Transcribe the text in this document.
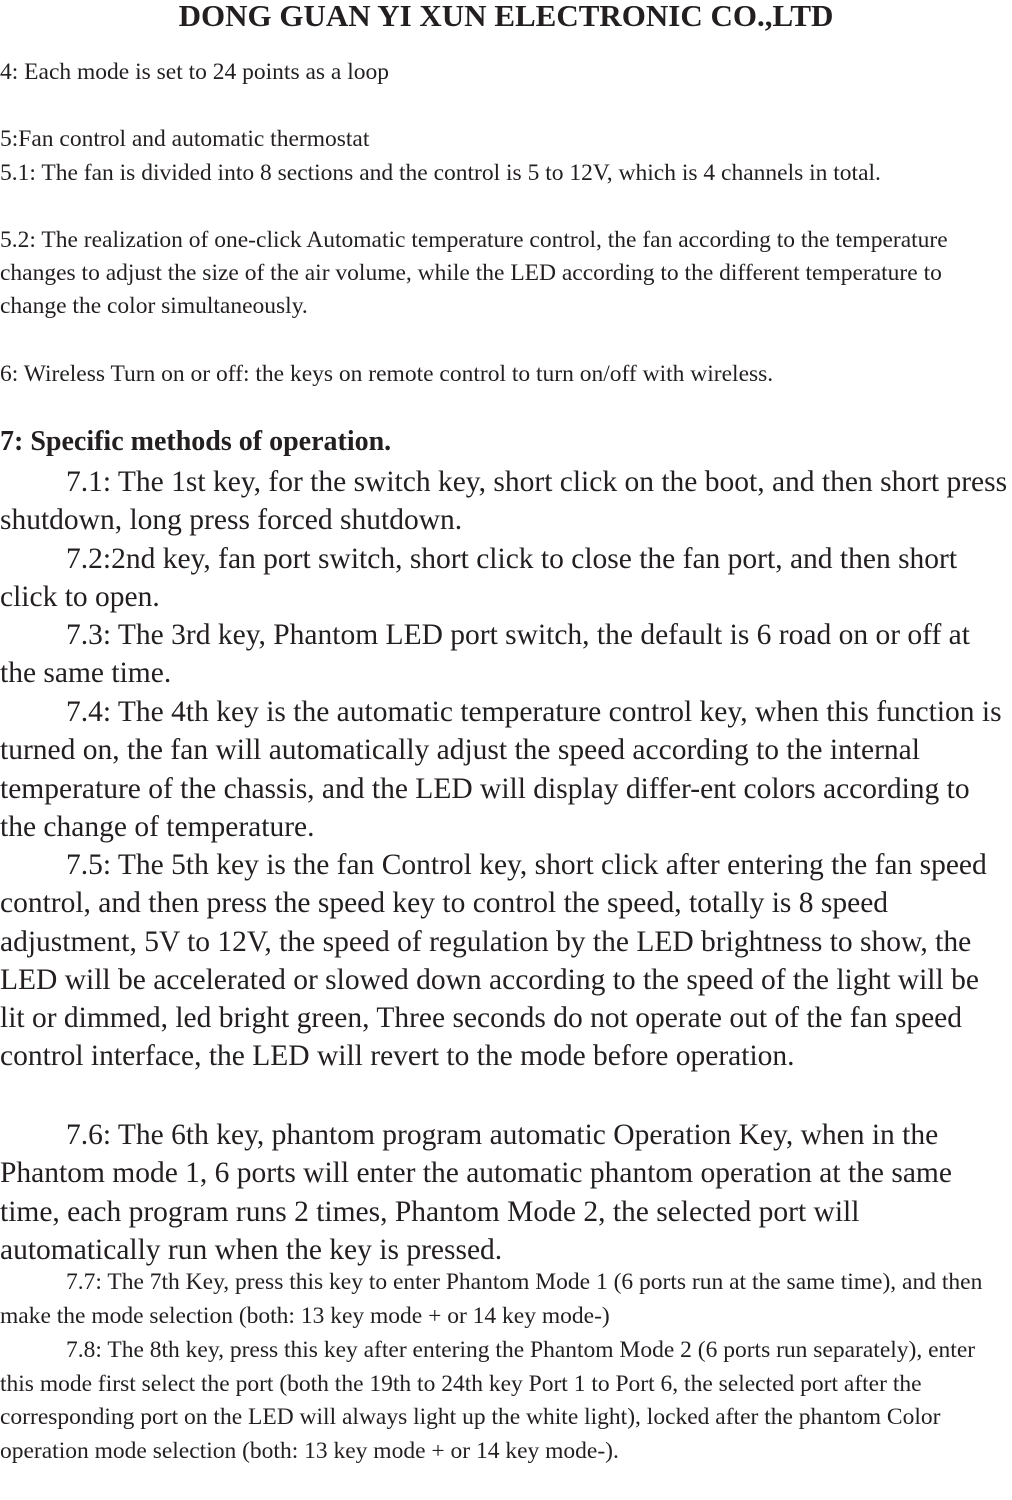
DONG GUAN YI XUN ELECTRONIC CO.,LTD

4: Each mode is set to 24 points as a loop

5:Fan control and automatic thermostat

5.1: The fan is divided into 8 sections and the control is 5 to 12V, which is 4 channels in total.

5.2: The realization of one-click Automatic temperature control, the fan according to the temperature changes to adjust the size of the air volume, while the LED according to the different temperature to change the color simultaneously.

6: Wireless Turn on or off: the keys on remote control to turn on/off with wireless.

7: Specific methods of operation.

7.1: The 1st key, for the switch key, short click on the boot, and then short press shutdown, long press forced shutdown.

7.2:2nd key, fan port switch, short click to close the fan port, and then short click to open.

7.3: The 3rd key, Phantom LED port switch, the default is 6 road on or off at the same time.

7.4: The 4th key is the automatic temperature control key, when this function is turned on, the fan will automatically adjust the speed according to the internal temperature of the chassis, and the LED will display differ-ent colors according to the change of temperature.

7.5: The 5th key is the fan Control key, short click after entering the fan speed control, and then press the speed key to control the speed, totally is 8 speed adjustment, 5V to 12V, the speed of regulation by the LED brightness to show, the LED will be accelerated or slowed down according to the speed of the light will be lit or dimmed, led bright green, Three seconds do not operate out of the fan speed control interface, the LED will revert to the mode before operation.

7.6: The 6th key, phantom program automatic Operation Key, when in the Phantom mode 1, 6 ports will enter the automatic phantom operation at the same time, each program runs 2 times, Phantom Mode 2, the selected port will automatically run when the key is pressed.

7.7: The 7th Key, press this key to enter Phantom Mode 1 (6 ports run at the same time), and then make the mode selection (both: 13 key mode + or 14 key mode-)

7.8: The 8th key, press this key after entering the Phantom Mode 2 (6 ports run separately), enter this mode first select the port (both the 19th to 24th key Port 1 to Port 6, the selected port after the corresponding port on the LED will always light up the white light), locked after the phantom Color operation mode selection (both: 13 key mode + or 14 key mode-).
